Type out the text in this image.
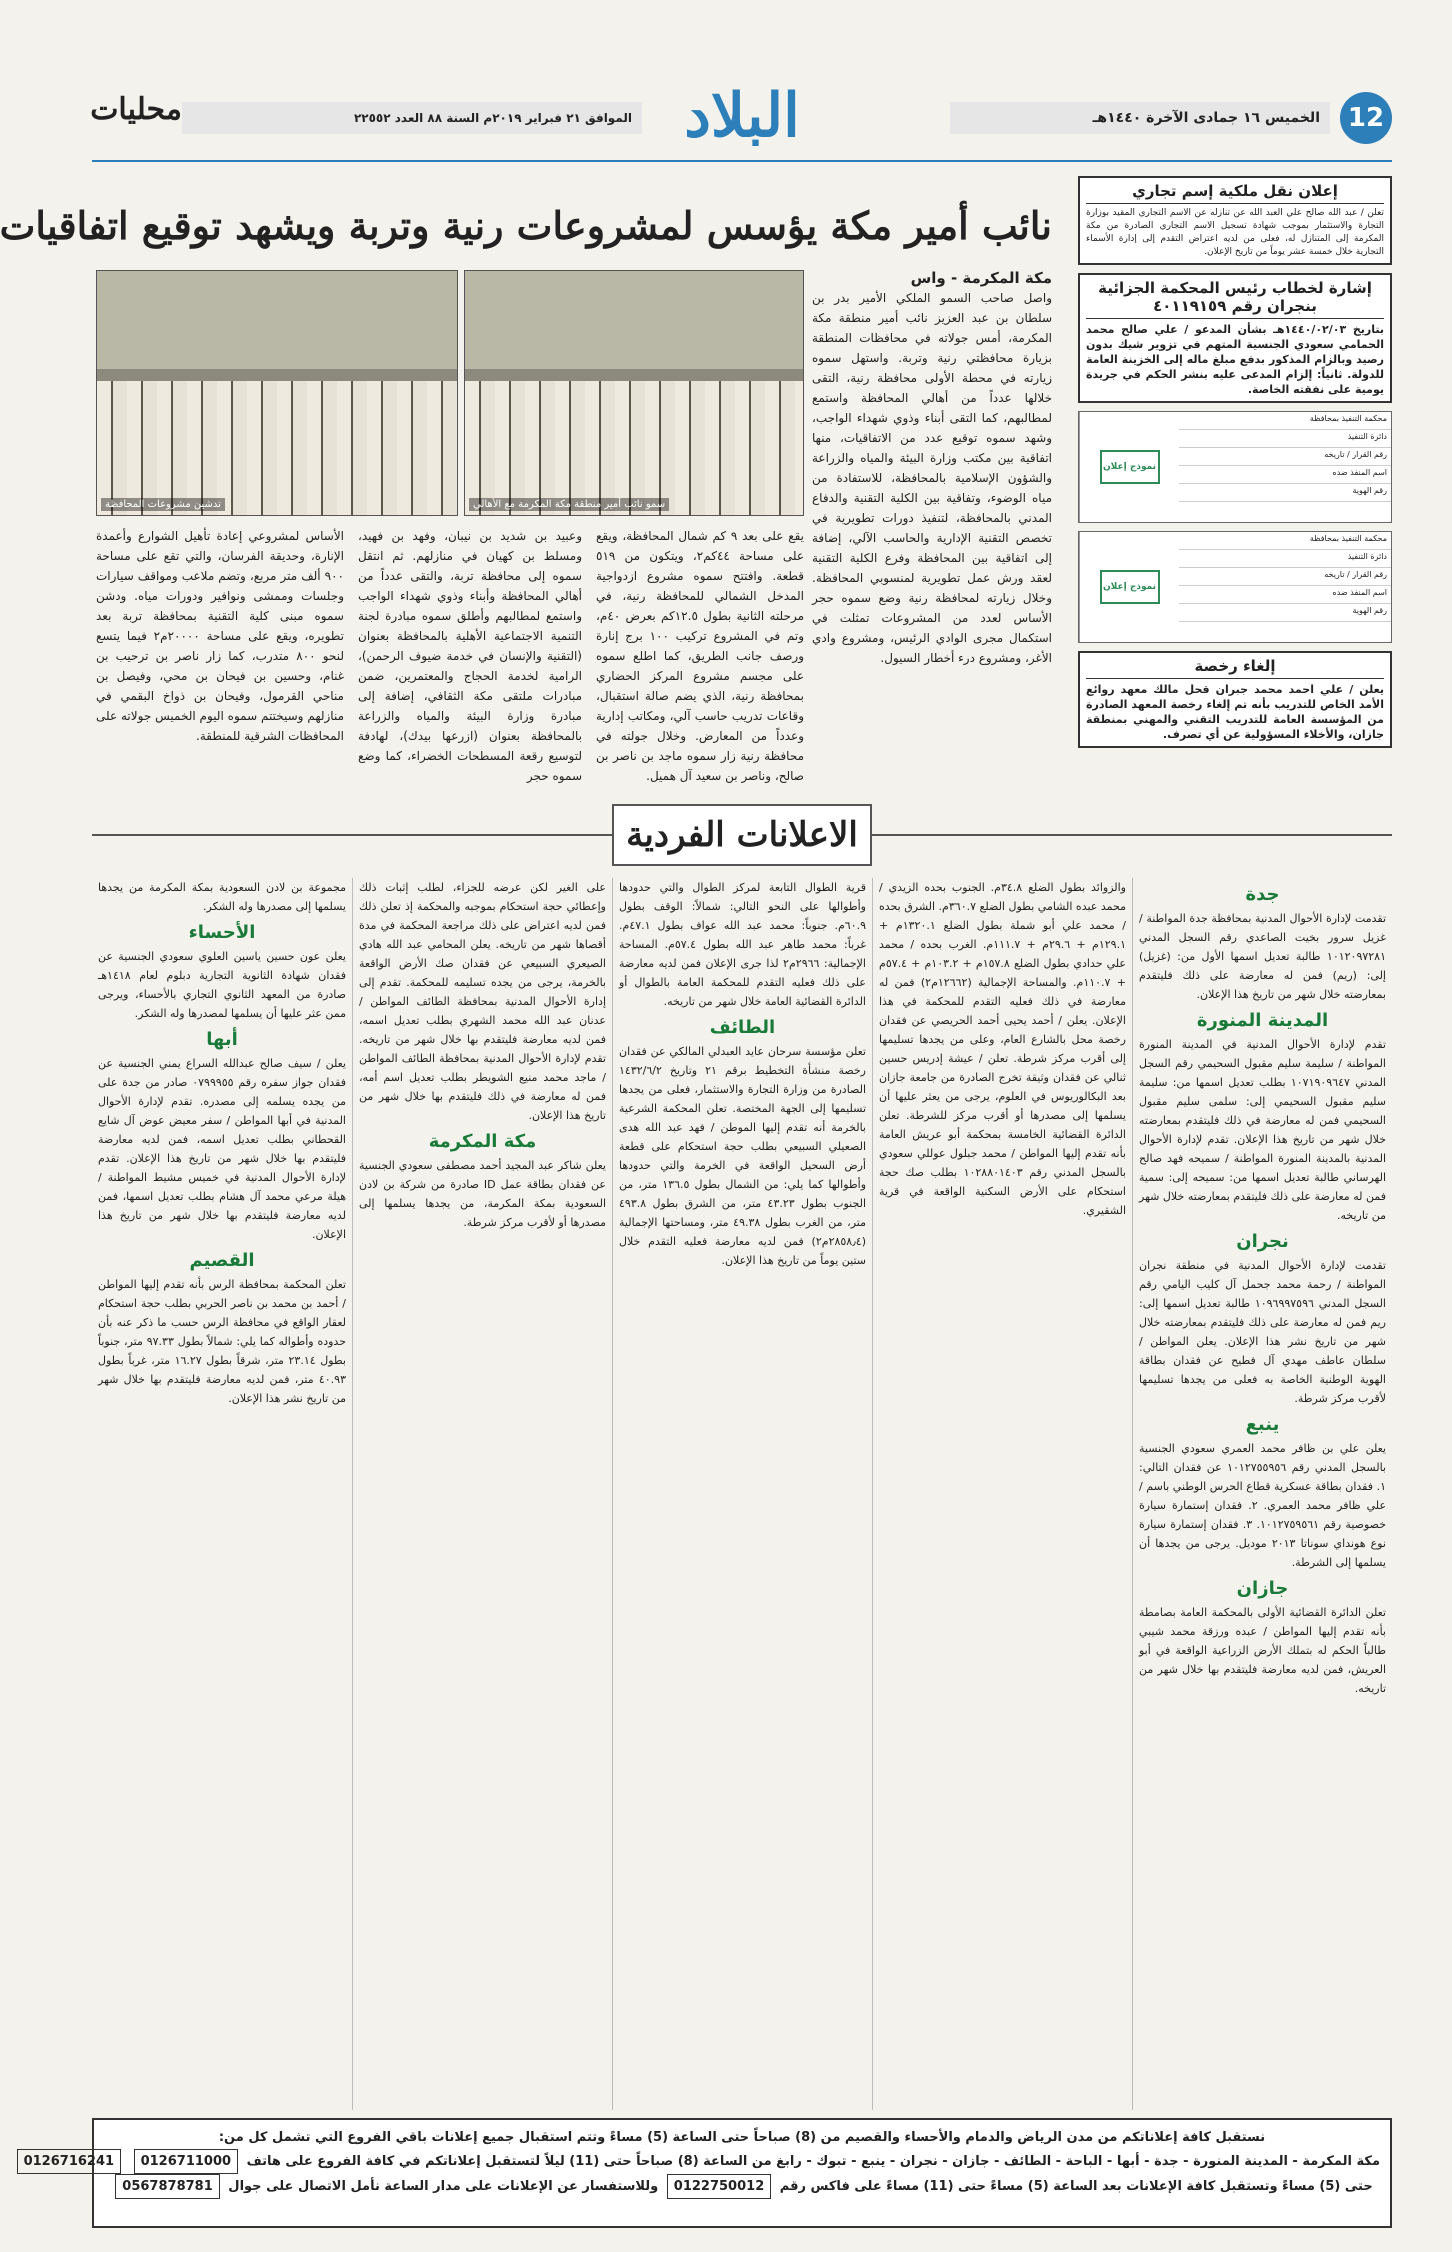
12
الخميس ١٦ جمادى الآخرة ١٤٤٠هـ
البلاد
الموافق ٢١ فبراير ٢٠١٩م السنة ٨٨ العدد ٢٢٥٥٢
محليات
إعلان نقل ملكية إسم تجاري
تعلن / عبد الله صالح علي العبد الله عن تنازله عن الاسم التجاري المقيد بوزارة التجارة والاستثمار بموجب شهادة تسجيل الاسم التجاري الصادرة من مكة المكرمة إلى المتنازل له، فعلى من لديه اعتراض التقدم إلى إدارة الأسماء التجارية خلال خمسة عشر يوماً من تاريخ الإعلان.
إشارة لخطاب رئيس المحكمة الجزائية بنجران رقم ٤٠١١٩١٥٩
بتاريخ ١٤٤٠/٠٢/٠٣هـ بشأن المدعو / علي صالح محمد الحمامي سعودي الجنسية المتهم في تزوير شيك بدون رصيد وبالزام المذكور بدفع مبلغ ماله إلى الخزينة العامة للدولة. ثانياً: إلزام المدعى عليه بنشر الحكم في جريدة يومية على نفقته الخاصة.
محكمة التنفيذ بمحافظة
دائرة التنفيذ
رقم القرار / تاريخه
اسم المنفذ ضده
رقم الهوية
نموذج إعلان
محكمة التنفيذ بمحافظة
دائرة التنفيذ
رقم القرار / تاريخه
اسم المنفذ ضده
رقم الهوية
نموذج إعلان
إلغاء رخصة
يعلن / علي احمد محمد جبران قحل مالك معهد روائع الأمد الخاص للتدريب بأنه تم إلغاء رخصة المعهد الصادرة من المؤسسة العامة للتدريب التقني والمهني بمنطقة جازان، والأخلاء المسؤولية عن أي تصرف.
نائب أمير مكة يؤسس لمشروعات رنية وتربة ويشهد توقيع اتفاقيات
سمو نائب أمير منطقة مكة المكرمة مع الأهالي
تدشين مشروعات المحافظة
مكة المكرمة - واس
واصل صاحب السمو الملكي الأمير بدر بن سلطان بن عبد العزيز نائب أمير منطقة مكة المكرمة، أمس جولاته في محافظات المنطقة بزيارة محافظتي رنية وتربة. واستهل سموه زيارته في محطة الأولى محافظة رنية، التقى خلالها عدداً من أهالي المحافظة واستمع لمطالبهم، كما التقى أبناء وذوي شهداء الواجب، وشهد سموه توقيع عدد من الاتفاقيات، منها اتفاقية بين مكتب وزارة البيئة والمياه والزراعة والشؤون الإسلامية بالمحافظة، للاستفادة من مياه الوضوء، وتفاقية بين الكلية التقنية والدفاع المدني بالمحافظة، لتنفيذ دورات تطويرية في تخصص التقنية الإدارية والحاسب الآلي، إضافة إلى اتفاقية بين المحافظة وفرع الكلية التقنية لعقد ورش عمل تطويرية لمنسوبي المحافظة. وخلال زيارته لمحافظة رنية وضع سموه حجر الأساس لعدد من المشروعات تمثلت في استكمال مجرى الوادي الرئيس، ومشروع وادي الأغر، ومشروع درء أخطار السيول.
يقع على بعد ٩ كم شمال المحافظة، ويقع على مساحة ٤٤كم٢، ويتكون من ٥١٩ قطعة. وافتتح سموه مشروع ازدواجية المدخل الشمالي للمحافظة رنية، في مرحلته الثانية بطول ١٢.٥كم بعرض ٤٠م، وتم في المشروع تركيب ١٠٠ برج إنارة ورصف جانب الطريق، كما اطلع سموه على مجسم مشروع المركز الحضاري بمحافظة رنية، الذي يضم صالة استقبال، وقاعات تدريب حاسب آلي، ومكاتب إدارية وعدداً من المعارض. وخلال جولته في محافظة رنية زار سموه ماجد بن ناصر بن صالح، وناصر بن سعيد آل هميل.
وعبيد بن شديد بن نيبان، وفهد بن فهيد، ومسلط بن كهيان في منازلهم. ثم انتقل سموه إلى محافظة تربة، والتقى عدداً من أهالي المحافظة وأبناء وذوي شهداء الواجب واستمع لمطالبهم وأطلق سموه مبادرة لجنة التنمية الاجتماعية الأهلية بالمحافظة بعنوان (التقنية والإنسان في خدمة ضيوف الرحمن)، الرامية لخدمة الحجاج والمعتمرين، ضمن مبادرات ملتقى مكة الثقافي، إضافة إلى مبادرة وزارة البيئة والمياه والزراعة بالمحافظة بعنوان (ازرعها بيدك)، لهادفة لتوسيع رقعة المسطحات الخضراء، كما وضع سموه حجر
الأساس لمشروعي إعادة تأهيل الشوارع وأعمدة الإنارة، وحديقة الفرسان، والتي تقع على مساحة ٩٠٠ ألف متر مربع، وتضم ملاعب ومواقف سيارات وجلسات وممشى ونوافير ودورات مياه. ودشن سموه مبنى كلية التقنية بمحافظة تربة بعد تطويره، ويقع على مساحة ٢٠٠٠٠م٢ فيما يتسع لنحو ٨٠٠ متدرب، كما زار ناصر بن ترحيب بن غنام، وحسين بن فيحان بن محي، وفيصل بن مناحي القرمول، وفيحان بن ذواخ البقمي في منازلهم وسيختتم سموه اليوم الخميس جولاته على المحافظات الشرقية للمنطقة.
الاعلانات الفردية
جدة

تقدمت لإدارة الأحوال المدنية بمحافظة جدة المواطنة / غزيل سرور بخيت الصاعدي رقم السجل المدني ١٠١٢٠٩٧٢٨١ طالبة تعديل اسمها الأول من: (غزيل) إلى: (ريم) فمن له معارضة على ذلك فليتقدم بمعارضته خلال شهر من تاريخ هذا الإعلان.

المدينة المنورة

تقدم لإدارة الأحوال المدنية في المدينة المنورة المواطنة / سليمة سليم مقبول السحيمي رقم السجل المدني ١٠٧١٩٠٩٦٤٧ بطلب تعديل اسمها من: سليمة سليم مقبول السحيمي إلى: سلمى سليم مقبول السحيمي فمن له معارضة في ذلك فليتقدم بمعارضته خلال شهر من تاريخ هذا الإعلان. تقدم لإدارة الأحوال المدنية بالمدينة المنورة المواطنة / سميحه فهد صالح الهرساني طالبة تعديل اسمها من: سميحه إلى: سمية فمن له معارضة على ذلك فليتقدم بمعارضته خلال شهر من تاريخه.

نجران

تقدمت لإدارة الأحوال المدنية في منطقة نجران المواطنة / رحمة محمد جحمل آل كليب اليامي رقم السجل المدني ١٠٩٦٩٩٧٥٩٦ طالبة تعديل اسمها إلى: ريم فمن له معارضة على ذلك فليتقدم بمعارضته خلال شهر من تاريخ نشر هذا الإعلان. يعلن المواطن / سلطان عاطف مهدي آل فطيح عن فقدان بطاقة الهوية الوطنية الخاصة به فعلى من يجدها تسليمها لأقرب مركز شرطة.

ينبع

يعلن علي بن ظافر محمد العمري سعودي الجنسية بالسجل المدني رقم ١٠١٢٧٥٥٩٥٦ عن فقدان التالي: ١. فقدان بطاقة عسكرية قطاع الحرس الوطني باسم / علي ظافر محمد العمري. ٢. فقدان إستمارة سيارة خصوصية رقم ١٠١٢٧٥٩٥٦١. ٣. فقدان إستمارة سيارة نوع هونداي سوناتا ٢٠١٣ موديل. يرجى من يجدها أن يسلمها إلى الشرطة.

جازان

تعلن الدائرة القضائية الأولى بالمحكمة العامة بصامطة بأنه تقدم إليها المواطن / عبده ورزقة محمد شيبي طالباً الحكم له بتملك الأرض الزراعية الواقعة في أبو العريش، فمن لديه معارضة فليتقدم بها خلال شهر من تاريخه.

والزوائد بطول الضلع ٣٤.٨م. الجنوب بحده الزيدي / محمد عبده الشامي بطول الضلع ٣٦٠.٧م. الشرق بحده / محمد علي أبو شملة بطول الضلع ١٣٢٠.١م + ١٢٩.١م + ٢٩.٦م + ١١١.٧م. الغرب بحده / محمد علي حدادي بطول الضلع ١٥٧.٨م + ١٠٣.٢م + ٥٧.٤م + ١١٠.٧م. والمساحة الإجمالية (١٢٦٦٢م٢) فمن له معارضة في ذلك فعليه التقدم للمحكمة في هذا الإعلان. يعلن / أحمد يحيى أحمد الحريصي عن فقدان رخصة محل بالشارع العام، وعلى من يجدها تسليمها إلى أقرب مركز شرطة. تعلن / عيشة إدريس حسين ثنالي عن فقدان وثيقة تخرج الصادرة من جامعة جازان بعد البكالوريوس في العلوم، يرجى من يعثر عليها أن يسلمها إلى مصدرها أو أقرب مركز للشرطة. تعلن الدائرة القضائية الخامسة بمحكمة أبو عريش العامة بأنه تقدم إليها المواطن / محمد جبلول عوللي سعودي بالسجل المدني رقم ١٠٢٨٨٠١٤٠٣ بطلب صك حجة استحكام على الأرض السكنية الواقعة في قرية الشقيري.

قرية الطوال التابعة لمركز الطوال والتي حدودها وأطوالها على النحو التالي: شمالاً: الوقف بطول ٦٠.٩م. جنوباً: محمد عبد الله عواف بطول ٤٧.١م. غرباً: محمد طاهر عبد الله بطول ٥٧.٤م. المساحة الإجمالية: ٢٩٦٦م٢ لذا جرى الإعلان فمن لديه معارضة على ذلك فعليه التقدم للمحكمة العامة بالطوال أو الدائرة القضائية العامة خلال شهر من تاريخه.

الطائف

تعلن مؤسسة سرحان عايد العبدلي المالكي عن فقدان رخصة منشأة التخطيط برقم ٢١ وتاريخ ١٤٣٢/٦/٢ الصادرة من وزارة التجارة والاستثمار، فعلى من يجدها تسليمها إلى الجهة المختصة. تعلن المحكمة الشرعية بالخرمة أنه تقدم إليها الموطن / فهد عبد الله هدى الصعيلي السبيعي بطلب حجة استحكام على قطعة أرض السحيل الواقعة في الخرمة والتي حدودها وأطوالها كما يلي: من الشمال بطول ١٣٦.٥ متر، من الجنوب بطول ٤٣.٢٣ متر، من الشرق بطول ٤٩٣.٨ متر، من الغرب بطول ٤٩.٣٨ متر، ومساحتها الإجمالية (٢٨٥٨٫٤م٢) فمن لديه معارضة فعليه التقدم خلال ستين يوماً من تاريخ هذا الإعلان.

على الغير لكن عرضه للجزاء، لطلب إثبات ذلك وإعطائي حجة استحكام بموجبه والمحكمة إذ تعلن ذلك فمن لديه اعتراض على ذلك مراجعة المحكمة في مدة أقصاها شهر من تاريخه. يعلن المحامي عبد الله هادي الصيعري السبيعي عن فقدان صك الأرض الواقعة بالخرمة، يرجى من يجده تسليمه للمحكمة. تقدم إلى إدارة الأحوال المدنية بمحافظة الطائف المواطن / عدنان عبد الله محمد الشهري بطلب تعديل اسمه، فمن لديه معارضة فليتقدم بها خلال شهر من تاريخه. تقدم لإدارة الأحوال المدنية بمحافظة الطائف المواطن / ماجد محمد منيع الشويطر بطلب تعديل اسم أمه، فمن له معارضة في ذلك فليتقدم بها خلال شهر من تاريخ هذا الإعلان.

مكة المكرمة

يعلن شاكر عبد المجيد أحمد مصطفى سعودي الجنسية عن فقدان بطاقة عمل ID صادرة من شركة بن لادن السعودية بمكة المكرمة، من يجدها يسلمها إلى مصدرها أو لأقرب مركز شرطة.

مجموعة بن لادن السعودية بمكة المكرمة من يجدها يسلمها إلى مصدرها وله الشكر.

الأحساء

يعلن عون حسين ياسين العلوي سعودي الجنسية عن فقدان شهادة الثانوية التجارية دبلوم لعام ١٤١٨هـ صادرة من المعهد الثانوي التجاري بالأحساء، ويرجى ممن عثر عليها أن يسلمها لمصدرها وله الشكر.

أبها

يعلن / سيف صالح عبدالله السراع يمني الجنسية عن فقدان جواز سفره رقم ٠٧٩٩٩٥٥ صادر من جدة على من يجده يسلمه إلى مصدره. تقدم لإدارة الأحوال المدنية في أبها المواطن / سفر معيض عوض آل شايع القحطاني بطلب تعديل اسمه، فمن لديه معارضة فليتقدم بها خلال شهر من تاريخ هذا الإعلان. تقدم لإدارة الأحوال المدنية في خميس مشيط المواطنة / هيلة مرعي محمد آل هشام بطلب تعديل اسمها، فمن لديه معارضة فليتقدم بها خلال شهر من تاريخ هذا الإعلان.

القصيم

تعلن المحكمة بمحافظة الرس بأنه تقدم إليها المواطن / أحمد بن محمد بن ناصر الحربي بطلب حجة استحكام لعقار الواقع في محافظة الرس حسب ما ذكر عنه بأن حدوده وأطواله كما يلي: شمالاً بطول ٩٧.٣٣ متر، جنوباً بطول ٢٣.١٤ متر، شرقاً بطول ١٦.٢٧ متر، غرباً بطول ٤٠.٩٣ متر، فمن لديه معارضة فليتقدم بها خلال شهر من تاريخ نشر هذا الإعلان.

نستقبل كافة إعلاناتكم من مدن الرياض والدمام والأحساء والقصيم من (8) صباحاً حتى الساعة (5) مساءً وتتم استقبال جميع إعلانات باقي الفروع التي تشمل كل من:
مكة المكرمة - المدينة المنورة - جدة - أبها - الباحة - الطائف - جازان - نجران - ينبع - تبوك - رابغ من الساعة (8) صباحاً حتى (11) ليلاً لتستقبل إعلاناتكم في كافة الفروع على هاتف 0126711000 0126716241
حتى (5) مساءً وتستقبل كافة الإعلانات بعد الساعة (5) مساءً حتى (11) مساءً على فاكس رقم 0122750012 وللاستفسار عن الإعلانات على مدار الساعة نأمل الاتصال على جوال 0567878781
